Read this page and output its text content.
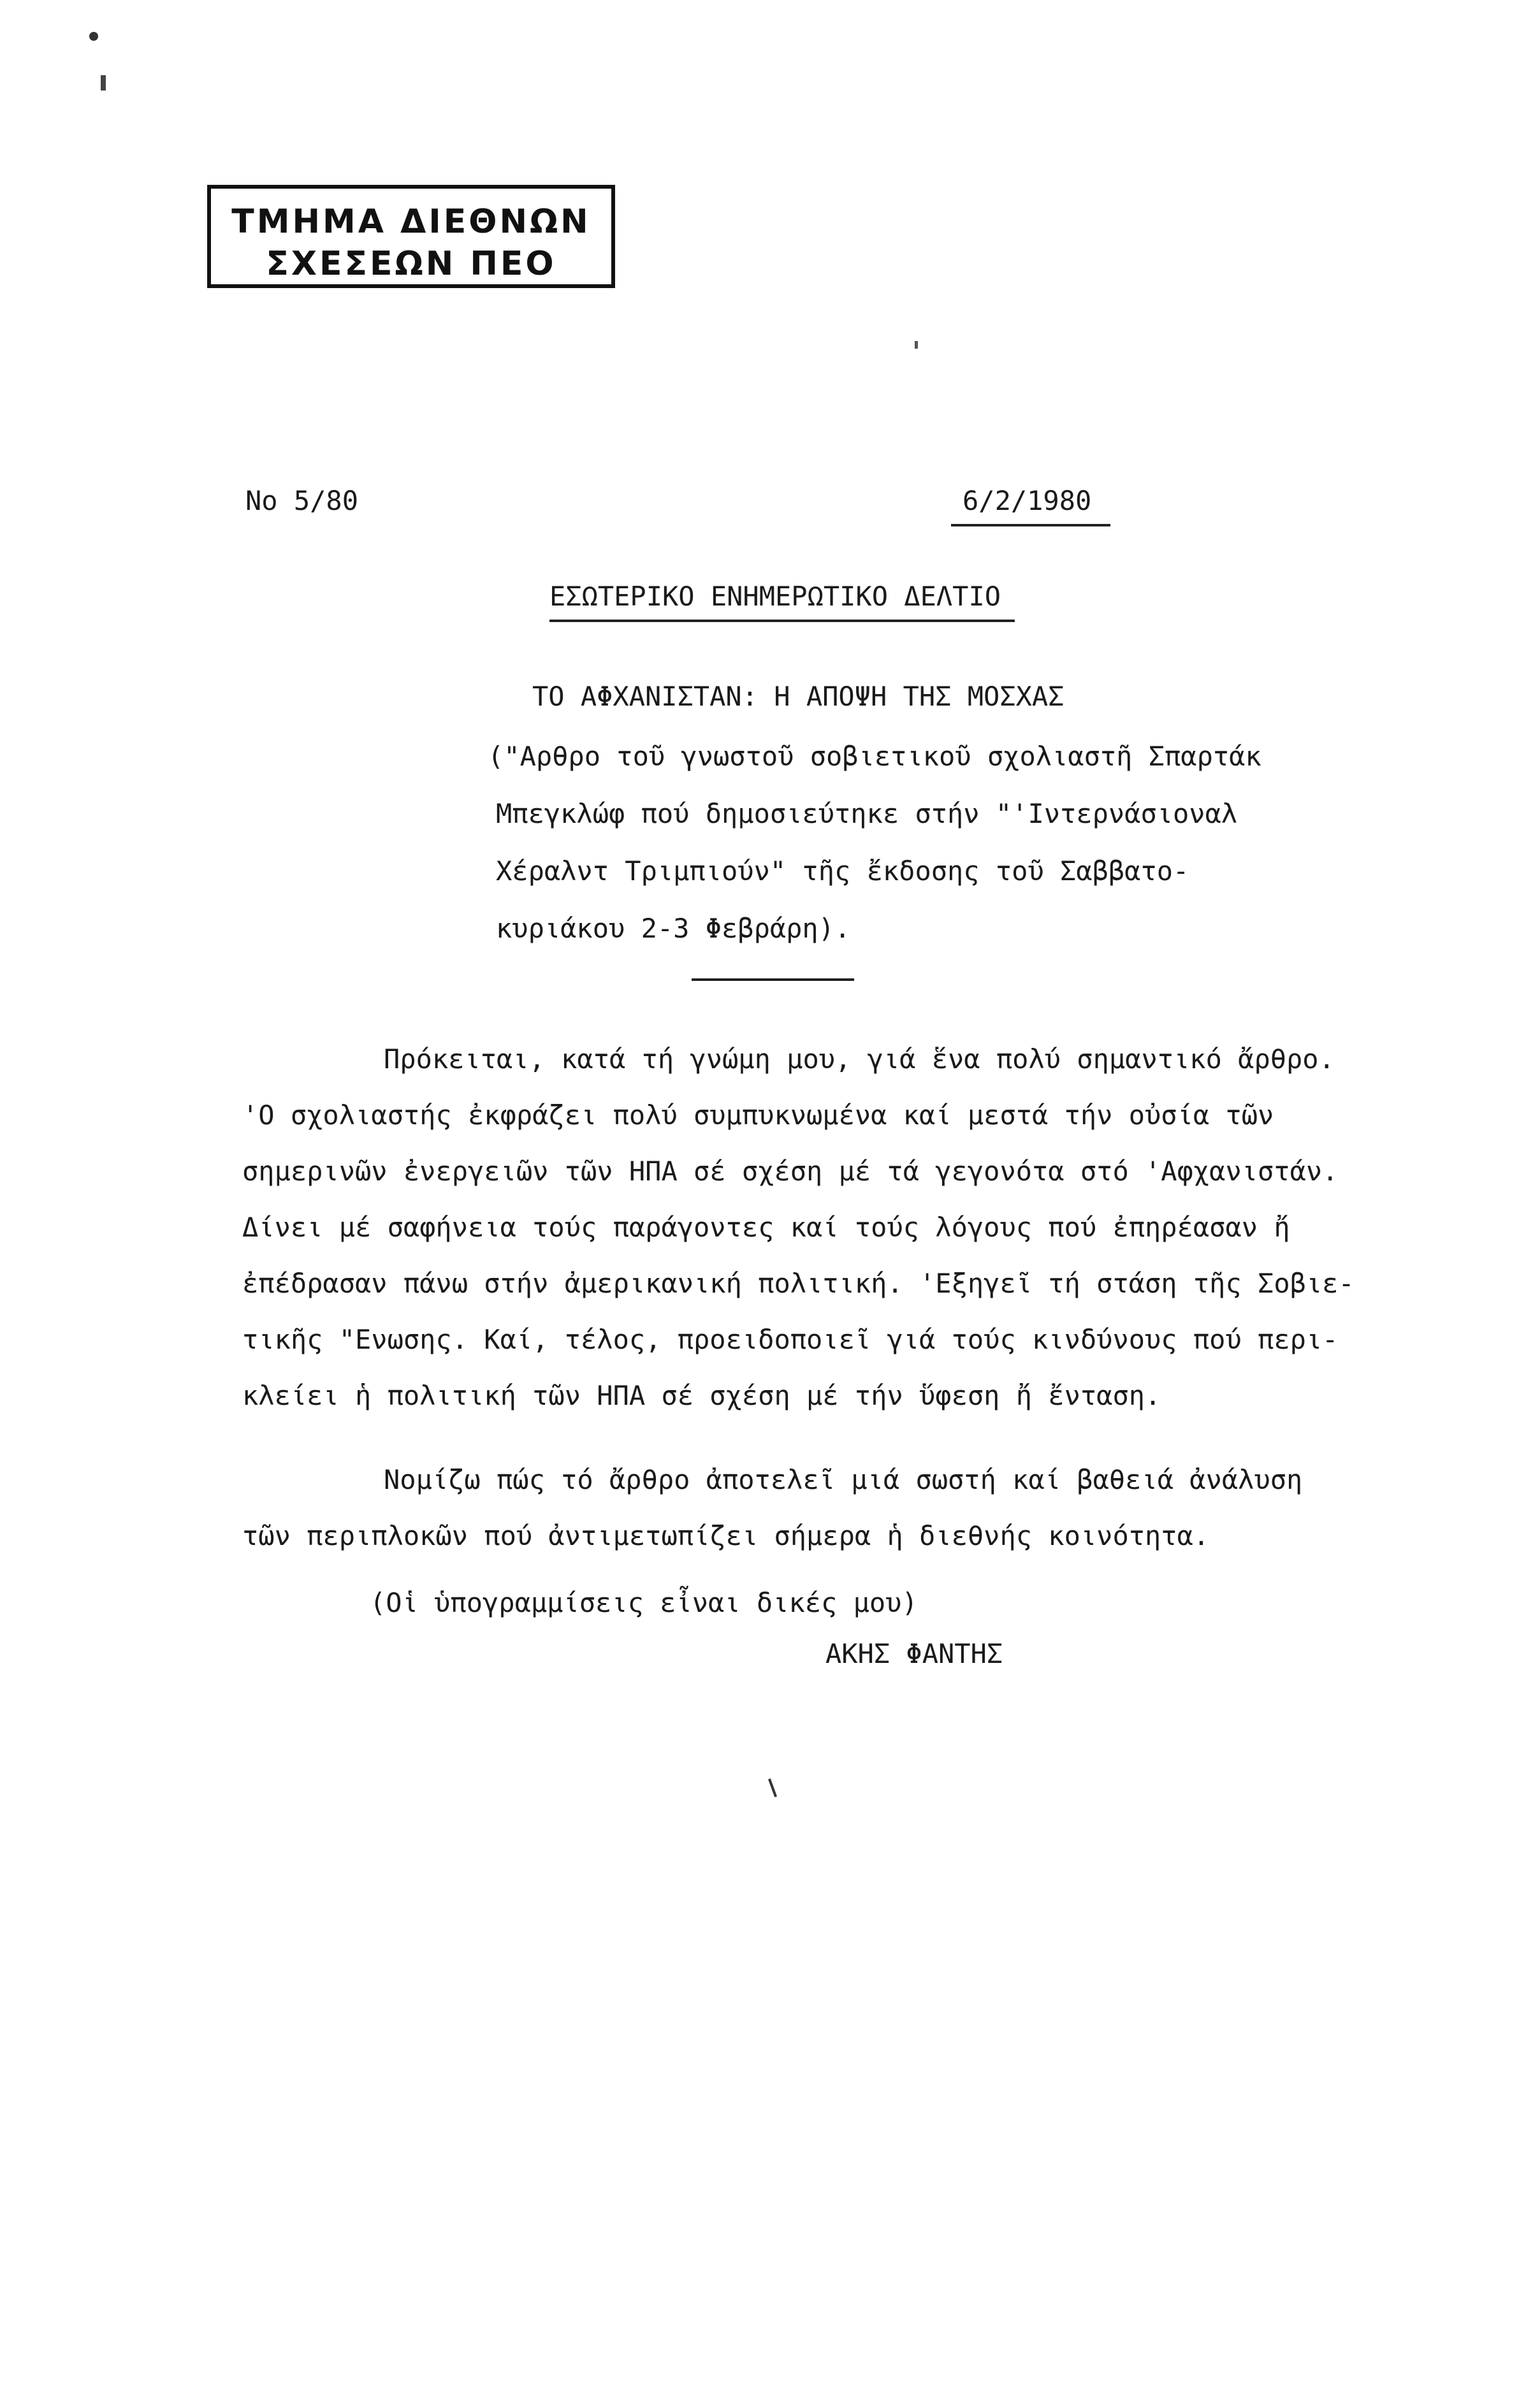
ΤΜΗΜΑ ΔΙΕΘΝΩΝ
ΣΧΕΣΕΩΝ ΠΕΟ
Νο 5/80	6/2/1980
ΕΣΩΤΕΡΙΚΟ ΕΝΗΜΕΡΩΤΙΚΟ ΔΕΛΤΙΟ
ΤΟ ΑΦΧΑΝΙΣΤΑΝ: Η ΑΠΟΨΗ ΤΗΣ ΜΟΣΧΑΣ
("Αρθρο τοῦ γνωστοῦ σοβιετικοῦ σχολιαστῆ Σπαρτάκ
Μπεγκλώφ πού δημοσιεύτηκε στήν "'Ιντερνάσιοναλ
Χέραλντ Τριμπιούν" τῆς ἔκδοσης τοῦ Σαββατο-
κυριάκου 2-3 Φεβράρη).
Πρόκειται, κατά τή γνώμη μου, γιά ἕνα πολύ σημαντικό ἄρθρο.
'Ο σχολιαστής ἐκφράζει πολύ συμπυκνωμένα καί μεστά τήν οὐσία τῶν
σημερινῶν ἐνεργειῶν τῶν ΗΠΑ σέ σχέση μέ τά γεγονότα στό 'Αφχανιστάν.
Δίνει μέ σαφήνεια τούς παράγοντες καί τούς λόγους πού ἐπηρέασαν ἤ
ἐπέδρασαν πάνω στήν ἀμερικανική πολιτική. 'Εξηγεῖ τή στάση τῆς Σοβιε-
τικῆς "Ενωσης. Καί, τέλος, προειδοποιεῖ γιά τούς κινδύνους πού περι-
κλείει ἡ πολιτική τῶν ΗΠΑ σέ σχέση μέ τήν ὕφεση ἤ ἔνταση.
Νομίζω πώς τό ἄρθρο ἀποτελεῖ μιά σωστή καί βαθειά ἀνάλυση
τῶν περιπλοκῶν πού ἀντιμετωπίζει σήμερα ἡ διεθνής κοινότητα.
(Οἱ ὑπογραμμίσεις εἶναι δικές μου)
ΑΚΗΣ ΦΑΝΤΗΣ
